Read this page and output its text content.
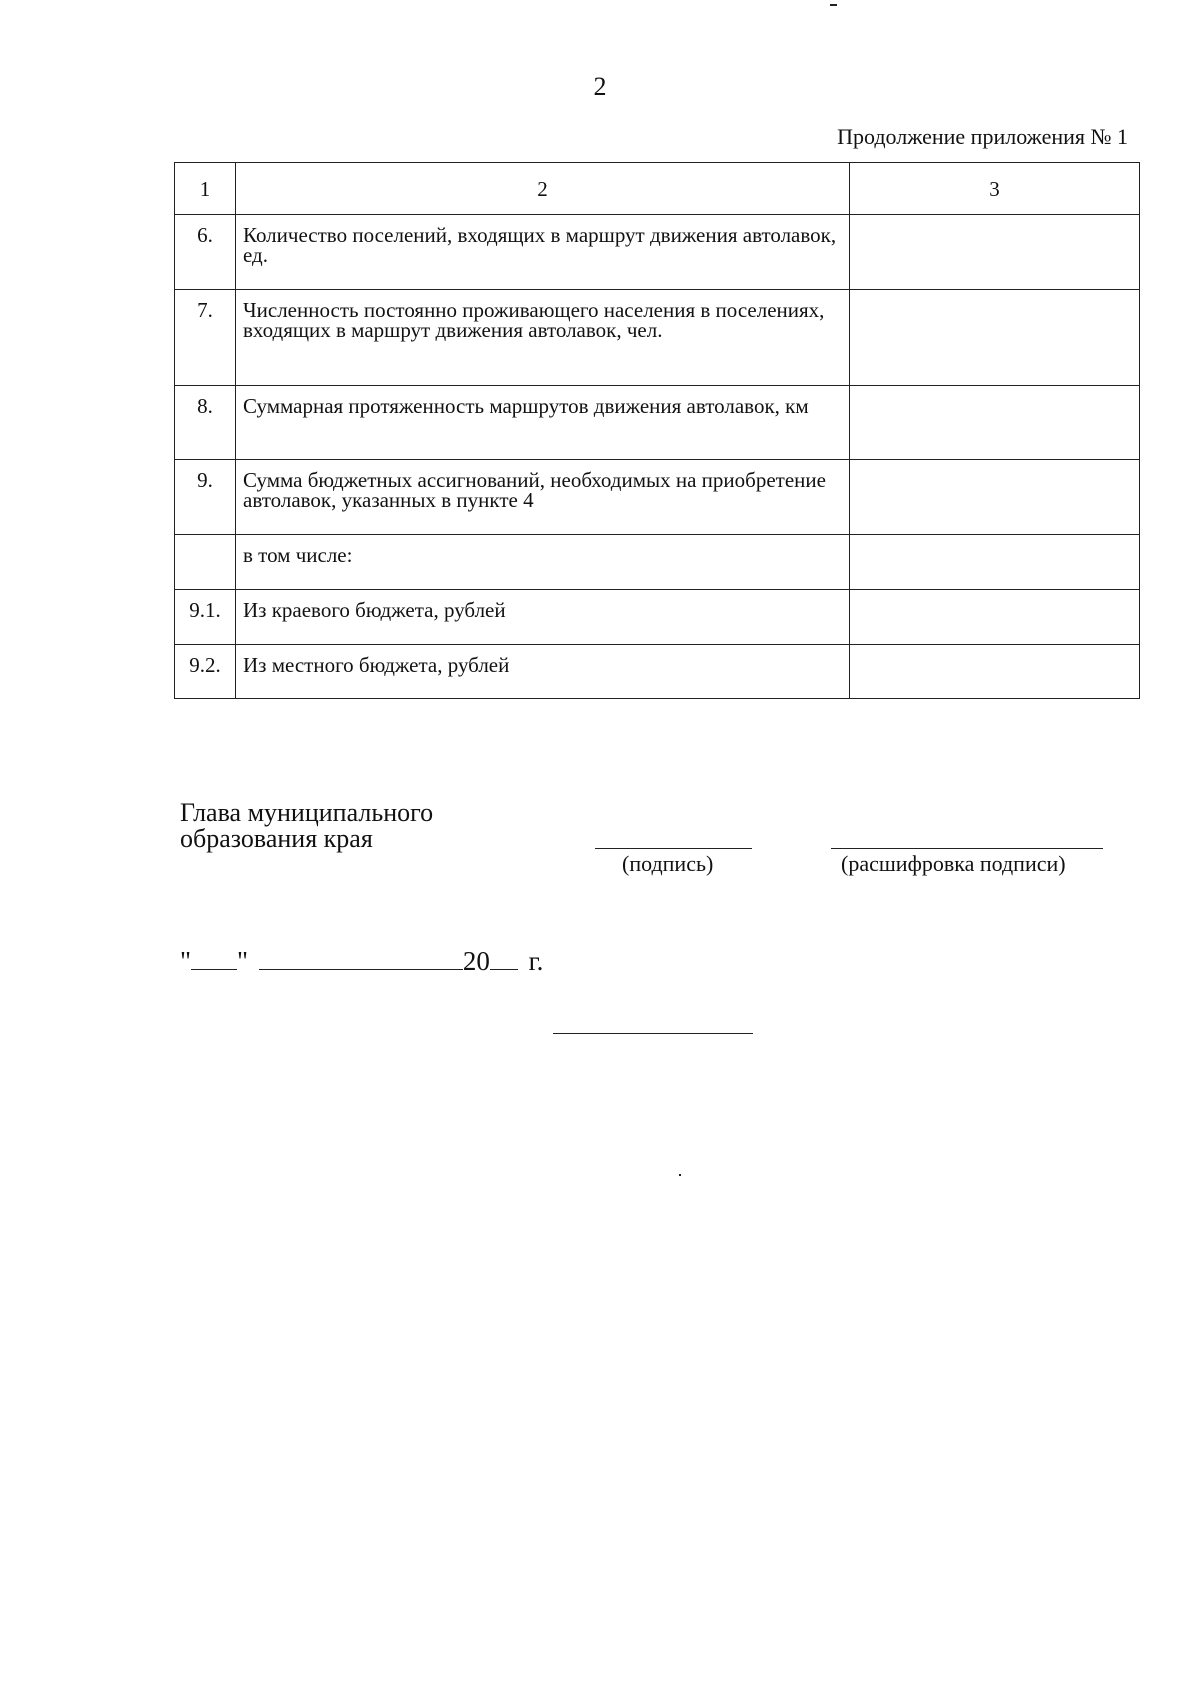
2
Продолжение приложения № 1
1	2	3
6.	Количество поселений, входящих в маршрут движения автолавок, ед.	
7.	Численность постоянно проживающего населения в поселениях, входящих в маршрут движения автолавок, чел.	
8.	Суммарная протяженность маршрутов движения автолавок, км	
9.	Сумма бюджетных ассигнований, необходимых на приобретение автолавок, указанных в пункте 4	
	в том числе:	
9.1.	Из краевого бюджета, рублей	
9.2.	Из местного бюджета, рублей	
Глава муниципального
образования края
(подпись)	(расшифровка подписи)
" "	20 г.
